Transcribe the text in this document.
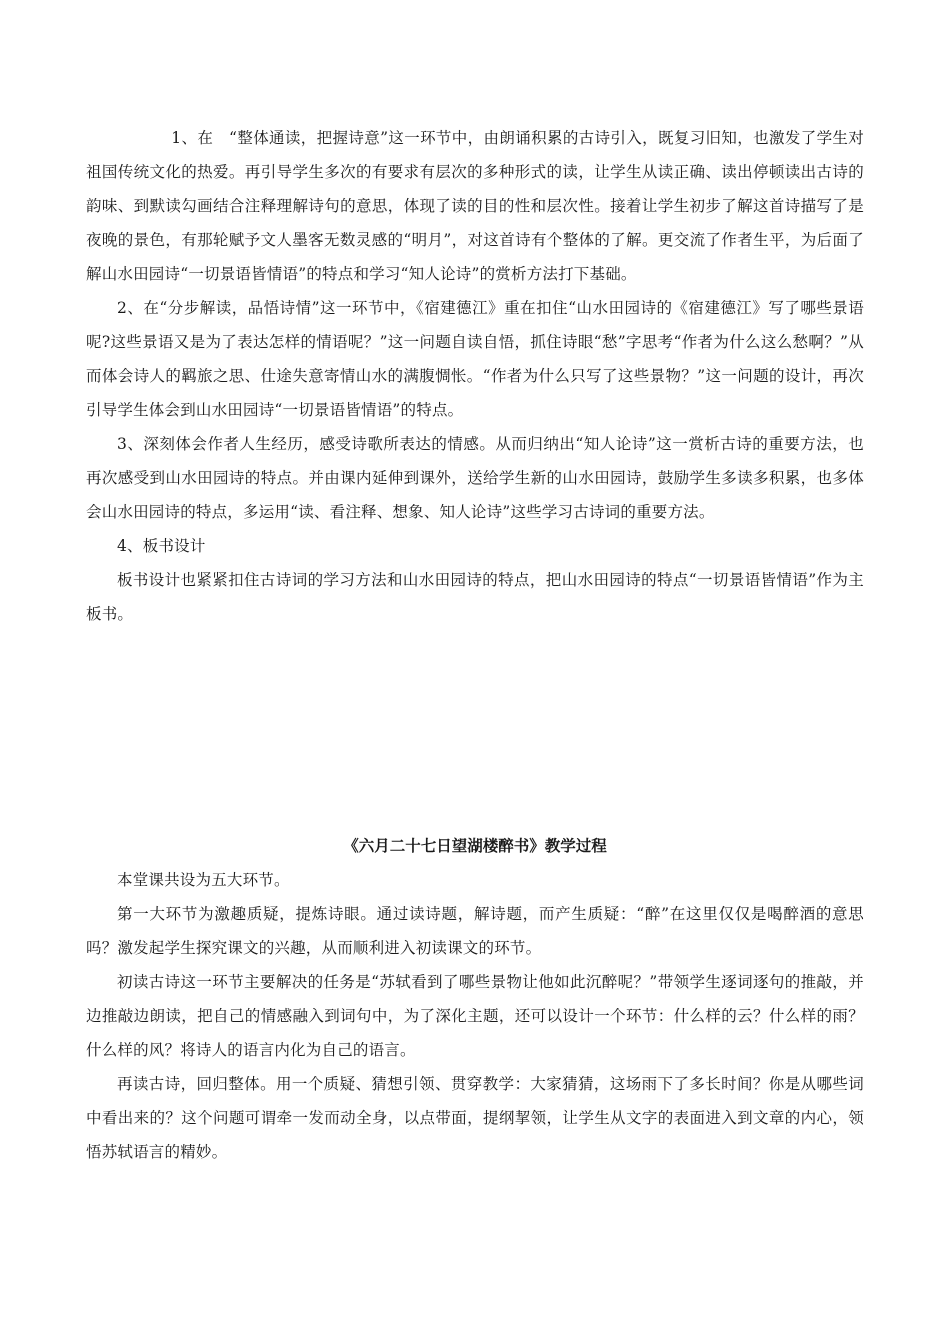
1、在　“整体通读，把握诗意”这一环节中，由朗诵积累的古诗引入，既复习旧知，也激发了学生对祖国传统文化的热爱。再引导学生多次的有要求有层次的多种形式的读，让学生从读正确、读出停顿读出古诗的韵味、到默读勾画结合注释理解诗句的意思，体现了读的目的性和层次性。接着让学生初步了解这首诗描写了是夜晚的景色，有那轮赋予文人墨客无数灵感的“明月”，对这首诗有个整体的了解。更交流了作者生平，为后面了解山水田园诗“一切景语皆情语”的特点和学习“知人论诗”的赏析方法打下基础。

2、在“分步解读，品悟诗情”这一环节中，《宿建德江》重在扣住“山水田园诗的《宿建德江》写了哪些景语呢?这些景语又是为了表达怎样的情语呢？”这一问题自读自悟，抓住诗眼“愁”字思考“作者为什么这么愁啊？”从而体会诗人的羁旅之思、仕途失意寄情山水的满腹惆怅。“作者为什么只写了这些景物？”这一问题的设计，再次引导学生体会到山水田园诗“一切景语皆情语”的特点。

3、深刻体会作者人生经历，感受诗歌所表达的情感。从而归纳出“知人论诗”这一赏析古诗的重要方法，也再次感受到山水田园诗的特点。并由课内延伸到课外，送给学生新的山水田园诗，鼓励学生多读多积累，也多体会山水田园诗的特点，多运用“读、看注释、想象、知人论诗”这些学习古诗词的重要方法。

4、板书设计

板书设计也紧紧扣住古诗词的学习方法和山水田园诗的特点，把山水田园诗的特点“一切景语皆情语”作为主板书。

《六月二十七日望湖楼醉书》教学过程

本堂课共设为五大环节。

第一大环节为激趣质疑，提炼诗眼。通过读诗题，解诗题，而产生质疑：“醉”在这里仅仅是喝醉酒的意思吗？激发起学生探究课文的兴趣，从而顺利进入初读课文的环节。

初读古诗这一环节主要解决的任务是“苏轼看到了哪些景物让他如此沉醉呢？”带领学生逐词逐句的推敲，并边推敲边朗读，把自己的情感融入到词句中，为了深化主题，还可以设计一个环节：什么样的云？什么样的雨？什么样的风？将诗人的语言内化为自己的语言。

再读古诗，回归整体。用一个质疑、猜想引领、贯穿教学：大家猜猜，这场雨下了多长时间？你是从哪些词中看出来的？这个问题可谓牵一发而动全身，以点带面，提纲挈领，让学生从文字的表面进入到文章的内心，领悟苏轼语言的精妙。
